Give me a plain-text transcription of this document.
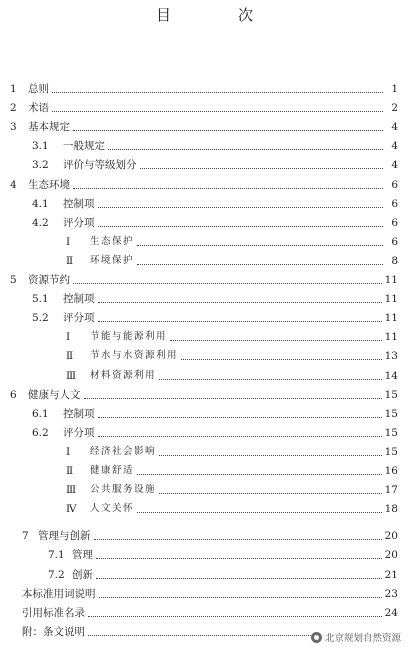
目　次
1	总则	1
2	术语	2
3	基本规定	4
3.1	一般规定	4
3.2	评价与等级划分	4
4	生态环境	6
4.1	控制项	6
4.2	评分项	6
Ⅰ	生态保护	6
Ⅱ	环境保护	8
5	资源节约	11
5.1	控制项	11
5.2	评分项	11
Ⅰ	节能与能源利用	11
Ⅱ	节水与水资源利用	13
Ⅲ	材料资源利用	14
6	健康与人文	15
6.1	控制项	15
6.2	评分项	15
Ⅰ	经济社会影响	15
Ⅱ	健康舒适	16
Ⅲ	公共服务设施	17
Ⅳ	人文关怀	18
7 管理与创新	20
7.1 管理	20
7.2 创新	21
本标准用词说明	23
引用标准名录	24
附：条文说明
北京规划自然资源
